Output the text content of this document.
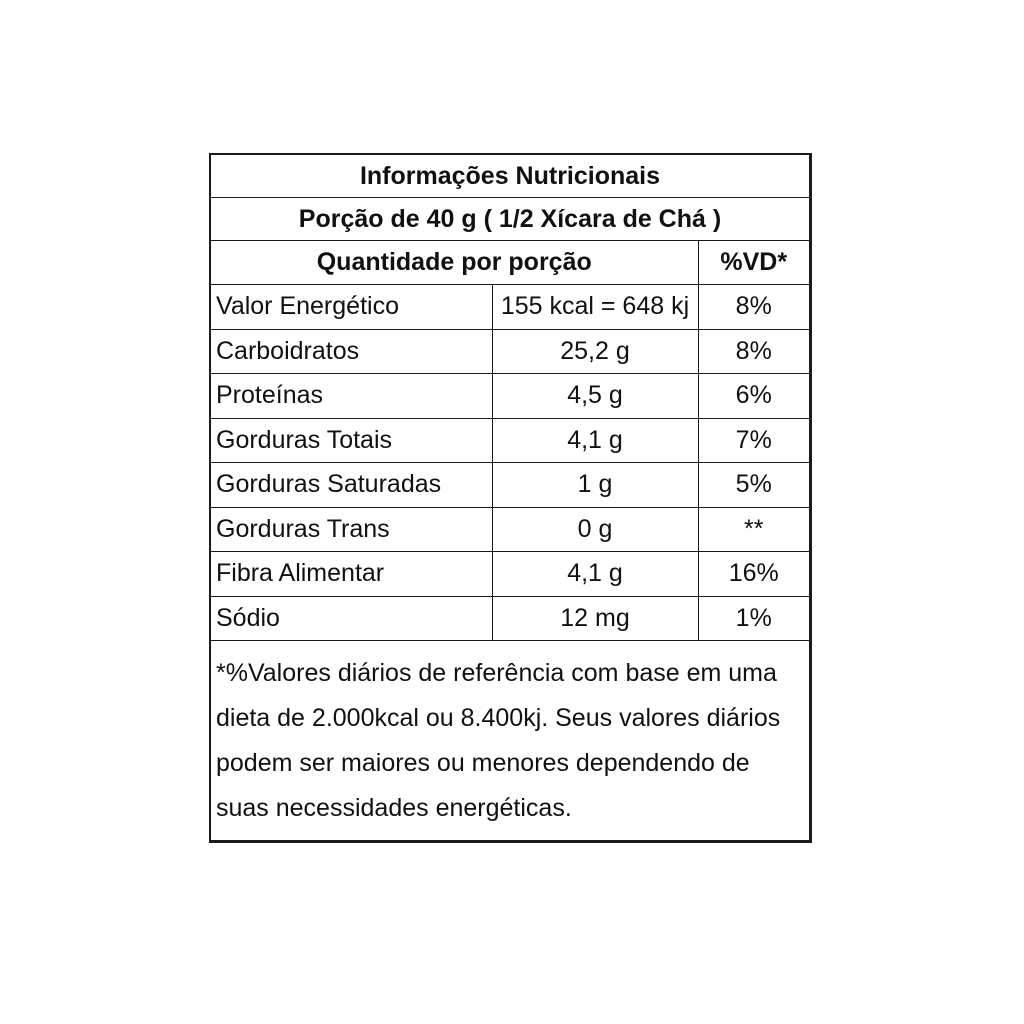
Informações Nutricionais		
Porção de 40 g ( 1/2 Xícara de Chá )		
Quantidade por porção		%VD*
Valor Energético	155 kcal = 648 kj	8%
Carboidratos	25,2 g	8%
Proteínas	4,5 g	6%
Gorduras Totais	4,1 g	7%
Gorduras Saturadas	1 g	5%
Gorduras Trans	0 g	**
Fibra Alimentar	4,1 g	16%
Sódio	12 mg	1%
*%Valores diários de referência com base em uma dieta de 2.000kcal ou 8.400kj. Seus valores diários podem ser maiores ou menores dependendo de suas necessidades energéticas.
